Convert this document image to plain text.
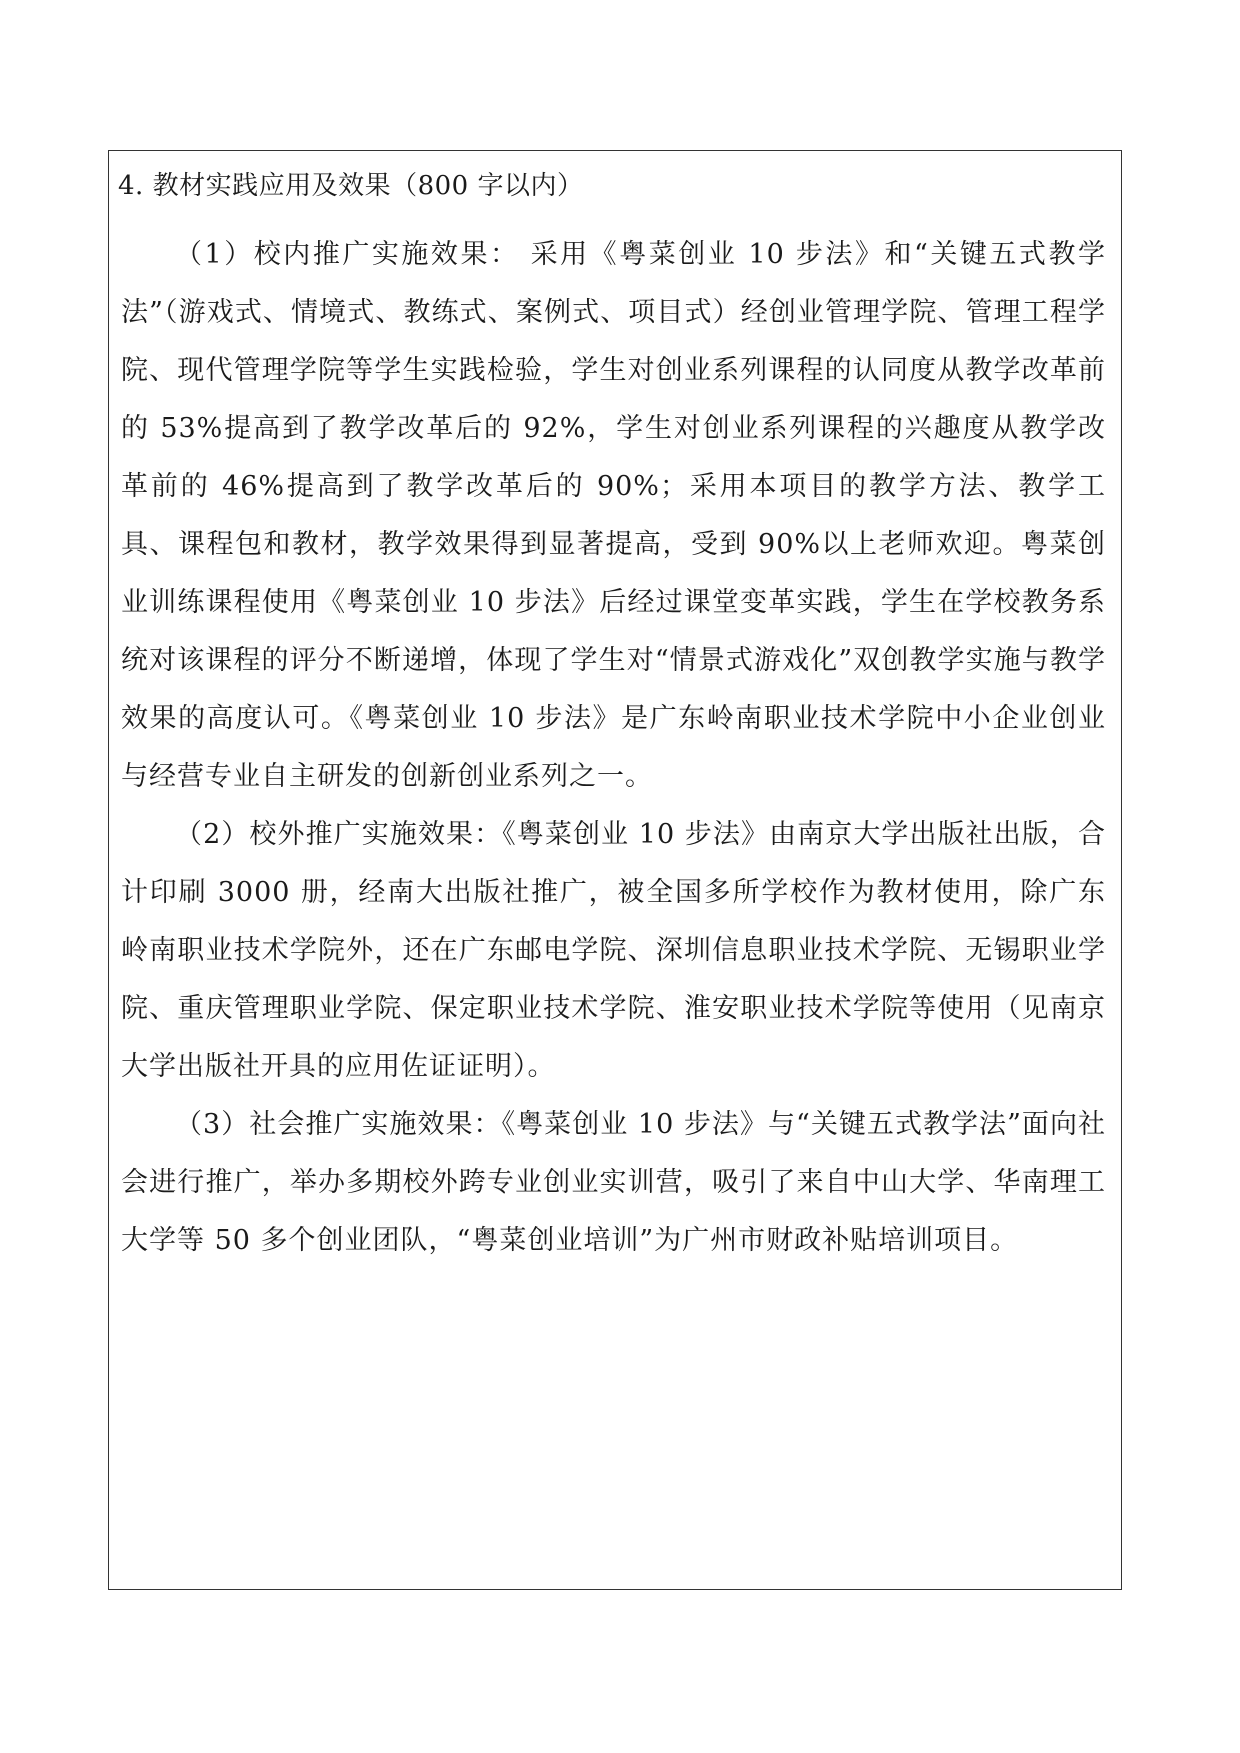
4. 教材实践应用及效果（800 字以内）

（1）校内推广实施效果： 采用《粤菜创业 10 步法》和“关键五式教学法”（游戏式、情境式、教练式、案例式、项目式）经创业管理学院、管理工程学院、现代管理学院等学生实践检验，学生对创业系列课程的认同度从教学改革前的 53%提高到了教学改革后的 92%，学生对创业系列课程的兴趣度从教学改革前的 46%提高到了教学改革后的 90%；采用本项目的教学方法、教学工具、课程包和教材，教学效果得到显著提高，受到 90%以上老师欢迎。粤菜创业训练课程使用《粤菜创业 10 步法》后经过课堂变革实践，学生在学校教务系统对该课程的评分不断递增，体现了学生对“情景式游戏化”双创教学实施与教学效果的高度认可。《粤菜创业 10 步法》是广东岭南职业技术学院中小企业创业与经营专业自主研发的创新创业系列之一。

（2）校外推广实施效果：《粤菜创业 10 步法》由南京大学出版社出版，合计印刷 3000 册，经南大出版社推广，被全国多所学校作为教材使用，除广东岭南职业技术学院外，还在广东邮电学院、深圳信息职业技术学院、无锡职业学院、重庆管理职业学院、保定职业技术学院、淮安职业技术学院等使用（见南京大学出版社开具的应用佐证证明）。

（3）社会推广实施效果：《粤菜创业 10 步法》与“关键五式教学法”面向社会进行推广，举办多期校外跨专业创业实训营，吸引了来自中山大学、华南理工大学等 50 多个创业团队，“粤菜创业培训”为广州市财政补贴培训项目。
